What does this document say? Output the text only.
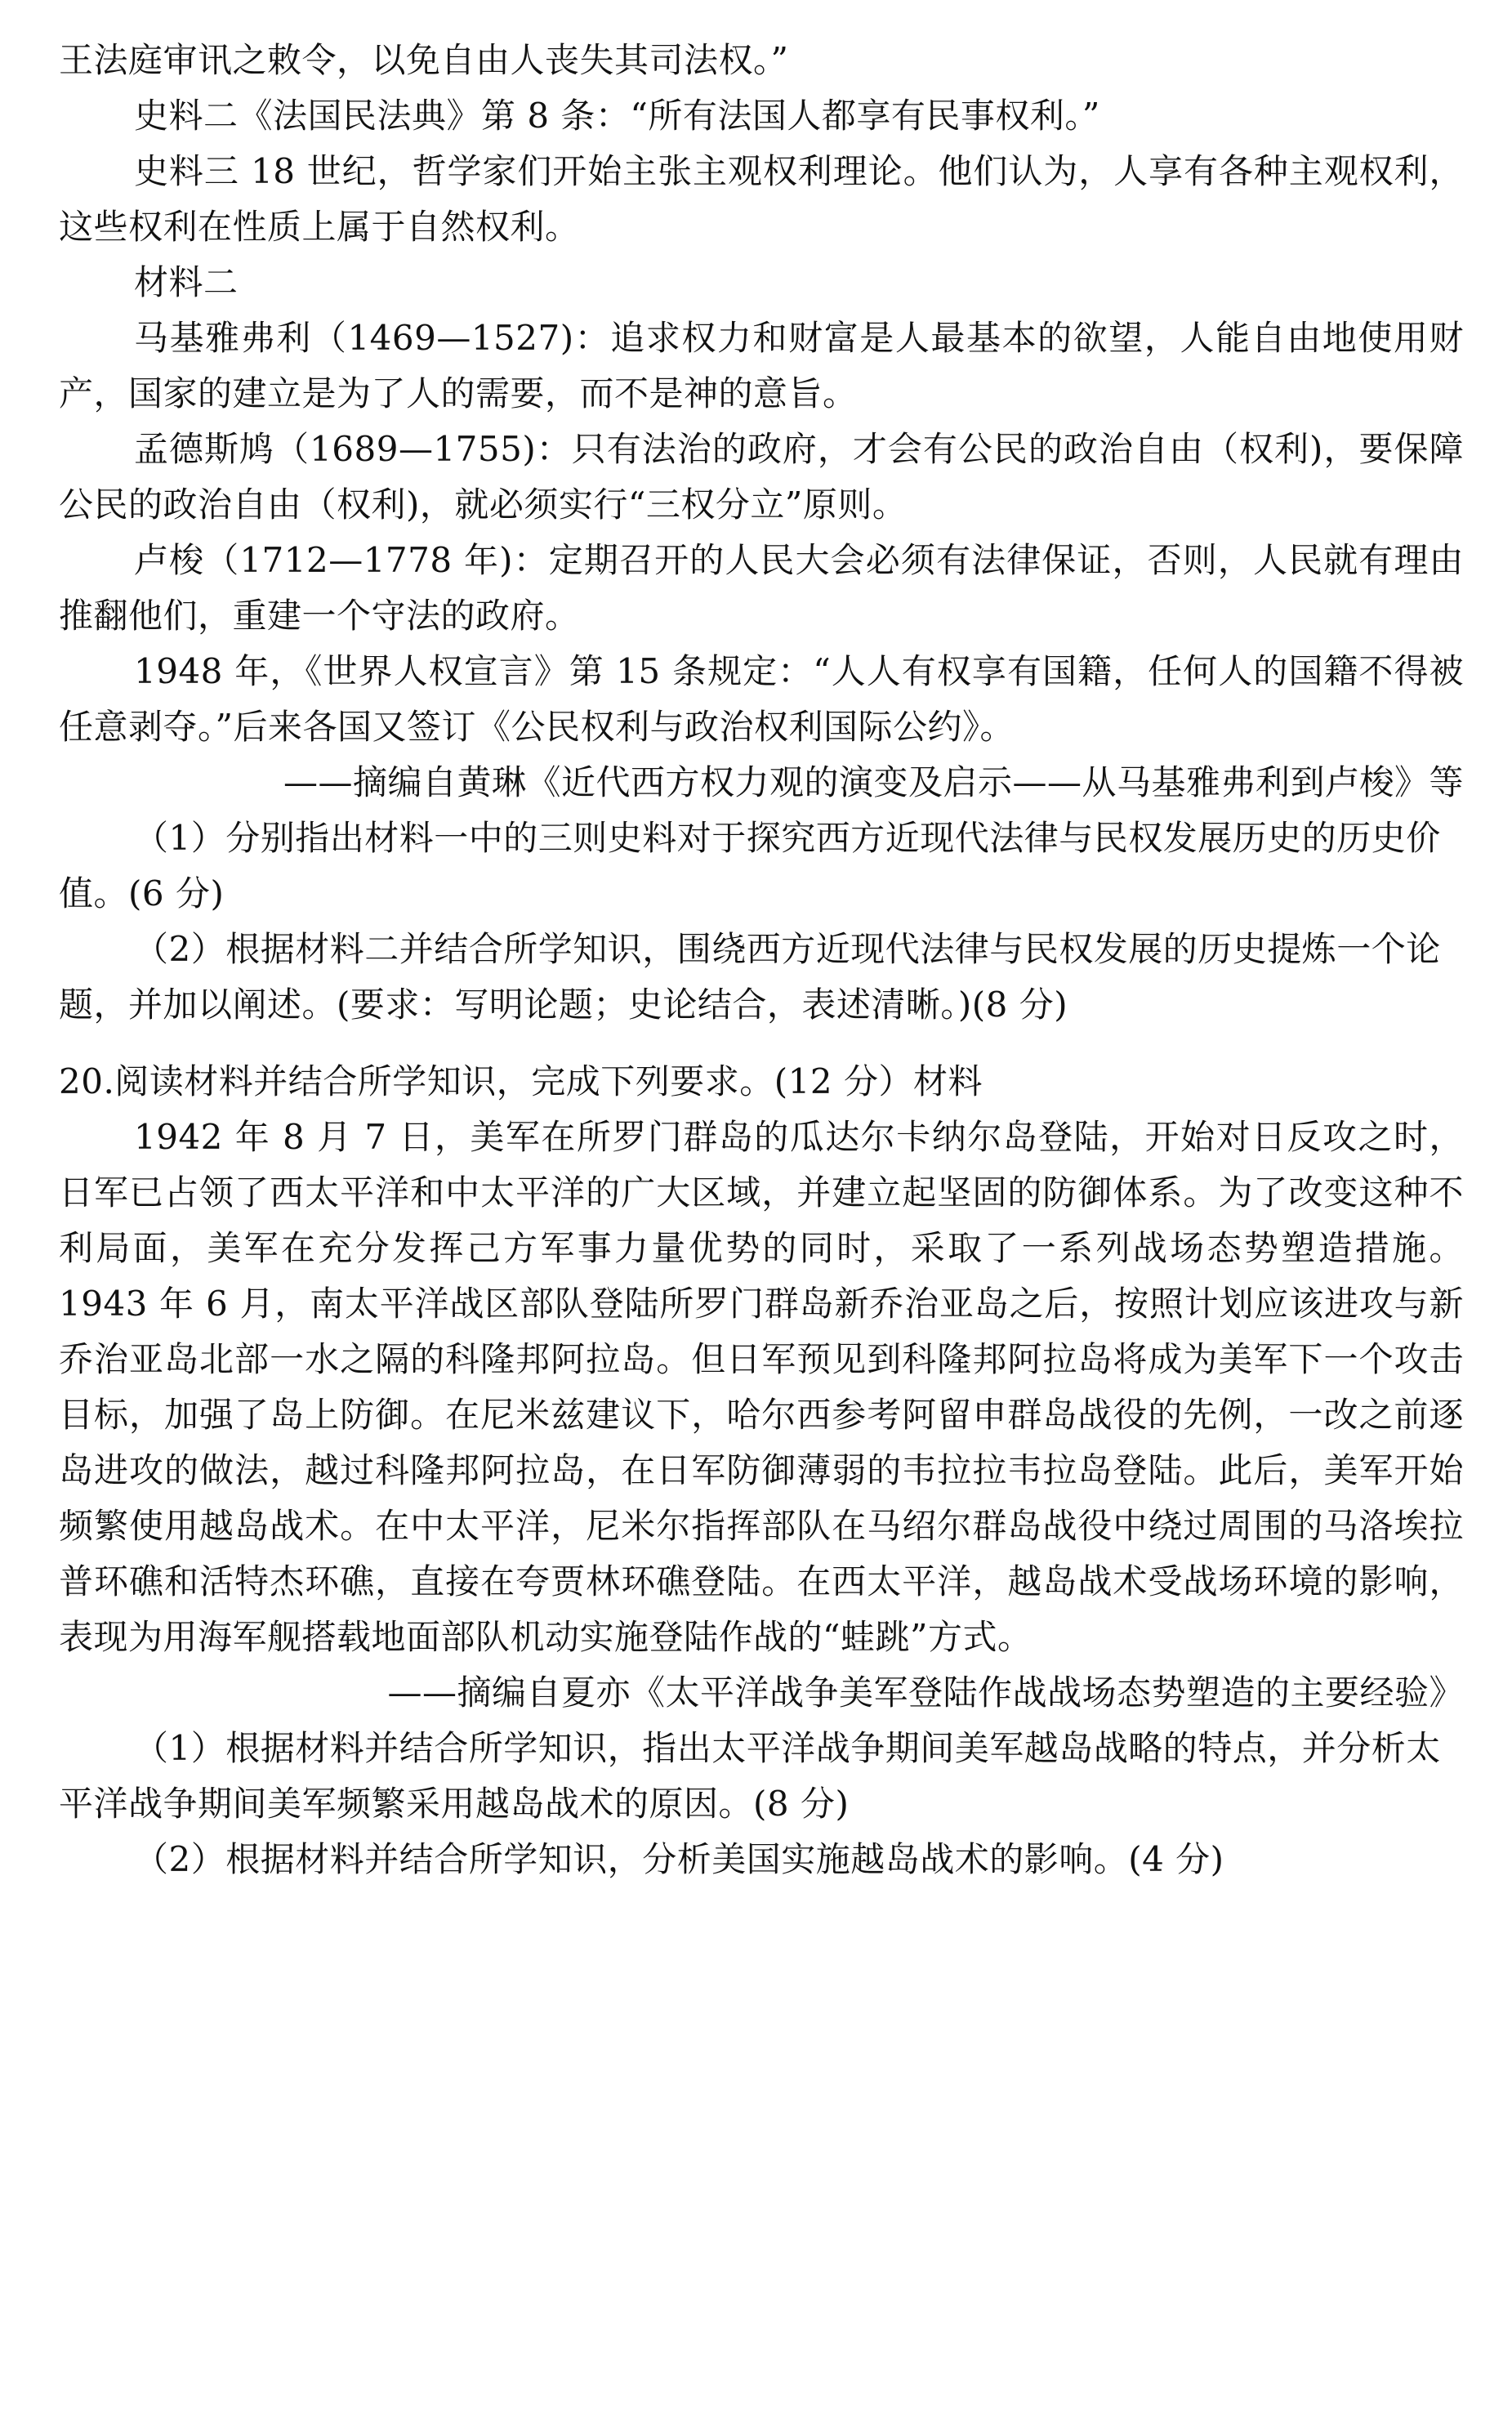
王法庭审讯之敕令，以免自由人丧失其司法权。”

史料二《法国民法典》第 8 条：“所有法国人都享有民事权利。”

史料三 18 世纪，哲学家们开始主张主观权利理论。他们认为，人享有各种主观权利，这些权利在性质上属于自然权利。

材料二

马基雅弗利（1469—1527)：追求权力和财富是人最基本的欲望，人能自由地使用财产，国家的建立是为了人的需要，而不是神的意旨。

孟德斯鸠（1689—1755)：只有法治的政府，才会有公民的政治自由（权利)，要保障公民的政治自由（权利)，就必须实行“三权分立”原则。

卢梭（1712—1778 年)：定期召开的人民大会必须有法律保证，否则，人民就有理由推翻他们，重建一个守法的政府。

1948 年，《世界人权宣言》第 15 条规定：“人人有权享有国籍，任何人的国籍不得被任意剥夺。”后来各国又签订《公民权利与政治权利国际公约》。

——摘编自黄琳《近代西方权力观的演变及启示——从马基雅弗利到卢梭》等

（1）分别指出材料一中的三则史料对于探究西方近现代法律与民权发展历史的历史价值。(6 分)

（2）根据材料二并结合所学知识，围绕西方近现代法律与民权发展的历史提炼一个论题，并加以阐述。(要求：写明论题；史论结合，表述清晰。)(8 分)

20.阅读材料并结合所学知识，完成下列要求。(12 分）材料

1942 年 8 月 7 日，美军在所罗门群岛的瓜达尔卡纳尔岛登陆，开始对日反攻之时，日军已占领了西太平洋和中太平洋的广大区域，并建立起坚固的防御体系。为了改变这种不利局面，美军在充分发挥己方军事力量优势的同时，采取了一系列战场态势塑造措施。1943 年 6 月，南太平洋战区部队登陆所罗门群岛新乔治亚岛之后，按照计划应该进攻与新乔治亚岛北部一水之隔的科隆邦阿拉岛。但日军预见到科隆邦阿拉岛将成为美军下一个攻击目标，加强了岛上防御。在尼米兹建议下，哈尔西参考阿留申群岛战役的先例，一改之前逐岛进攻的做法，越过科隆邦阿拉岛，在日军防御薄弱的韦拉拉韦拉岛登陆。此后，美军开始频繁使用越岛战术。在中太平洋，尼米尔指挥部队在马绍尔群岛战役中绕过周围的马洛埃拉普环礁和活特杰环礁，直接在夸贾林环礁登陆。在西太平洋，越岛战术受战场环境的影响，表现为用海军舰搭载地面部队机动实施登陆作战的“蛙跳”方式。

——摘编自夏亦《太平洋战争美军登陆作战战场态势塑造的主要经验》

（1）根据材料并结合所学知识，指出太平洋战争期间美军越岛战略的特点，并分析太平洋战争期间美军频繁采用越岛战术的原因。(8 分)

（2）根据材料并结合所学知识，分析美国实施越岛战术的影响。(4 分)
